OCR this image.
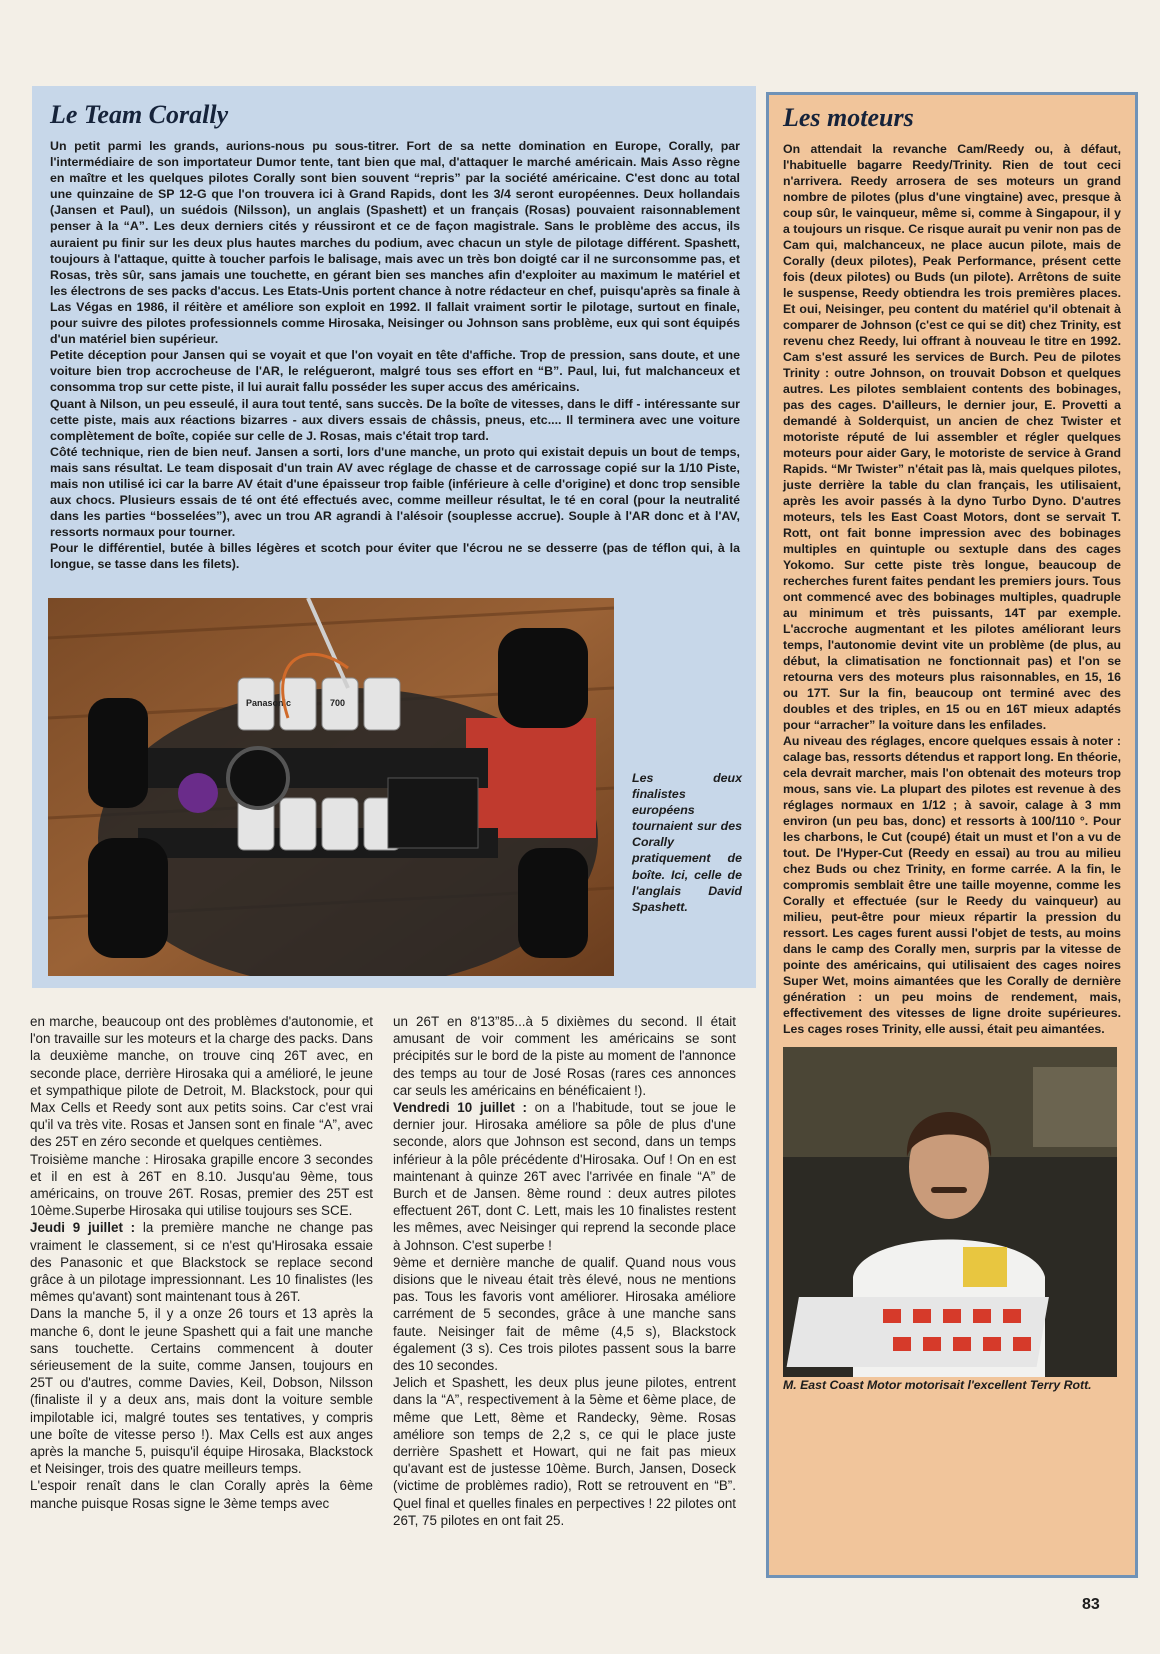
Le Team Corally

Un petit parmi les grands, aurions-nous pu sous-titrer. Fort de sa nette domination en Europe, Corally, par l'intermédiaire de son importateur Dumor tente, tant bien que mal, d'attaquer le marché américain. Mais Asso règne en maître et les quelques pilotes Corally sont bien souvent “repris” par la société américaine. C'est donc au total une quinzaine de SP 12-G que l'on trouvera ici à Grand Rapids, dont les 3/4 seront européennes. Deux hollandais (Jansen et Paul), un suédois (Nilsson), un anglais (Spashett) et un français (Rosas) pouvaient raisonnablement penser à la “A”. Les deux derniers cités y réussiront et ce de façon magistrale. Sans le problème des accus, ils auraient pu finir sur les deux plus hautes marches du podium, avec chacun un style de pilotage différent. Spashett, toujours à l'attaque, quitte à toucher parfois le balisage, mais avec un très bon doigté car il ne surconsomme pas, et Rosas, très sûr, sans jamais une touchette, en gérant bien ses manches afin d'exploiter au maximum le matériel et les électrons de ses packs d'accus. Les Etats-Unis portent chance à notre rédacteur en chef, puisqu'après sa finale à Las Végas en 1986, il réitère et améliore son exploit en 1992. Il fallait vraiment sortir le pilotage, surtout en finale, pour suivre des pilotes professionnels comme Hirosaka, Neisinger ou Johnson sans problème, eux qui sont équipés d'un matériel bien supérieur.

Petite déception pour Jansen qui se voyait et que l'on voyait en tête d'affiche. Trop de pression, sans doute, et une voiture bien trop accrocheuse de l'AR, le relégueront, malgré tous ses effort en “B”. Paul, lui, fut malchanceux et consomma trop sur cette piste, il lui aurait fallu posséder les super accus des américains.

Quant à Nilson, un peu esseulé, il aura tout tenté, sans succès. De la boîte de vitesses, dans le diff - intéressante sur cette piste, mais aux réactions bizarres - aux divers essais de châssis, pneus, etc.... Il terminera avec une voiture complètement de boîte, copiée sur celle de J. Rosas, mais c'était trop tard.

Côté technique, rien de bien neuf. Jansen a sorti, lors d'une manche, un proto qui existait depuis un bout de temps, mais sans résultat. Le team disposait d'un train AV avec réglage de chasse et de carrossage copié sur la 1/10 Piste, mais non utilisé ici car la barre AV était d'une épaisseur trop faible (inférieure à celle d'origine) et donc trop sensible aux chocs. Plusieurs essais de té ont été effectués avec, comme meilleur résultat, le té en coral (pour la neutralité dans les parties “bosselées”), avec un trou AR agrandi à l'alésoir (souplesse accrue). Souple à l'AR donc et à l'AV, ressorts normaux pour tourner.

Pour le différentiel, butée à billes légères et scotch pour éviter que l'écrou ne se desserre (pas de téflon qui, à la longue, se tasse dans les filets).

Panasonic	700

Les deux finalistes européens tournaient sur des Corally pratiquement de boîte. Ici, celle de l'anglais David Spashett.

Les moteurs

On attendait la revanche Cam/Reedy ou, à défaut, l'habituelle bagarre Reedy/Trinity. Rien de tout ceci n'arrivera. Reedy arrosera de ses moteurs un grand nombre de pilotes (plus d'une vingtaine) avec, presque à coup sûr, le vainqueur, même si, comme à Singapour, il y a toujours un risque. Ce risque aurait pu venir non pas de Cam qui, malchanceux, ne place aucun pilote, mais de Corally (deux pilotes), Peak Performance, présent cette fois (deux pilotes) ou Buds (un pilote). Arrêtons de suite le suspense, Reedy obtiendra les trois premières places. Et oui, Neisinger, peu content du matériel qu'il obtenait à comparer de Johnson (c'est ce qui se dit) chez Trinity, est revenu chez Reedy, lui offrant à nouveau le titre en 1992. Cam s'est assuré les services de Burch. Peu de pilotes Trinity : outre Johnson, on trouvait Dobson et quelques autres. Les pilotes semblaient contents des bobinages, pas des cages. D'ailleurs, le dernier jour, E. Provetti a demandé à Solderquist, un ancien de chez Twister et motoriste réputé de lui assembler et régler quelques moteurs pour aider Gary, le motoriste de service à Grand Rapids. “Mr Twister” n'était pas là, mais quelques pilotes, juste derrière la table du clan français, les utilisaient, après les avoir passés à la dyno Turbo Dyno. D'autres moteurs, tels les East Coast Motors, dont se servait T. Rott, ont fait bonne impression avec des bobinages multiples en quintuple ou sextuple dans des cages Yokomo. Sur cette piste très longue, beaucoup de recherches furent faites pendant les premiers jours. Tous ont commencé avec des bobinages multiples, quadruple au minimum et très puissants, 14T par exemple. L'accroche augmentant et les pilotes améliorant leurs temps, l'autonomie devint vite un problème (de plus, au début, la climatisation ne fonctionnait pas) et l'on se retourna vers des moteurs plus raisonnables, en 15, 16 ou 17T. Sur la fin, beaucoup ont terminé avec des doubles et des triples, en 15 ou en 16T mieux adaptés pour “arracher” la voiture dans les enfilades.

Au niveau des réglages, encore quelques essais à noter : calage bas, ressorts détendus et rapport long. En théorie, cela devrait marcher, mais l'on obtenait des moteurs trop mous, sans vie. La plupart des pilotes est revenue à des réglages normaux en 1/12 ; à savoir, calage à 3 mm environ (un peu bas, donc) et ressorts à 100/110 °. Pour les charbons, le Cut (coupé) était un must et l'on a vu de tout. De l'Hyper-Cut (Reedy en essai) au trou au milieu chez Buds ou chez Trinity, en forme carrée. A la fin, le compromis semblait être une taille moyenne, comme les Corally et effectuée (sur le Reedy du vainqueur) au milieu, peut-être pour mieux répartir la pression du ressort. Les cages furent aussi l'objet de tests, au moins dans le camp des Corally men, surpris par la vitesse de pointe des américains, qui utilisaient des cages noires Super Wet, moins aimantées que les Corally de dernière génération : un peu moins de rendement, mais, effectivement des vitesses de ligne droite supérieures. Les cages roses Trinity, elle aussi, était peu aimantées.

M. East Coast Motor motorisait l'excellent Terry Rott.

en marche, beaucoup ont des problèmes d'autonomie, et l'on travaille sur les moteurs et la charge des packs. Dans la deuxième manche, on trouve cinq 26T avec, en seconde place, derrière Hirosaka qui a amélioré, le jeune et sympathique pilote de Detroit, M. Blackstock, pour qui Max Cells et Reedy sont aux petits soins. Car c'est vrai qu'il va très vite. Rosas et Jansen sont en finale “A”, avec des 25T en zéro seconde et quelques centièmes.

Troisième manche : Hirosaka grapille encore 3 secondes et il en est à 26T en 8.10. Jusqu'au 9ème, tous américains, on trouve 26T. Rosas, premier des 25T est 10ème.Superbe Hirosaka qui utilise toujours ses SCE.

Jeudi 9 juillet : la première manche ne change pas vraiment le classement, si ce n'est qu'Hirosaka essaie des Panasonic et que Blackstock se replace second grâce à un pilotage impressionnant. Les 10 finalistes (les mêmes qu'avant) sont maintenant tous à 26T.

Dans la manche 5, il y a onze 26 tours et 13 après la manche 6, dont le jeune Spashett qui a fait une manche sans touchette. Certains commencent à douter sérieusement de la suite, comme Jansen, toujours en 25T ou d'autres, comme Davies, Keil, Dobson, Nilsson (finaliste il y a deux ans, mais dont la voiture semble impilotable ici, malgré toutes ses tentatives, y compris une boîte de vitesse perso !). Max Cells est aux anges après la manche 5, puisqu'il équipe Hirosaka, Blackstock et Neisinger, trois des quatre meilleurs temps.

L'espoir renaît dans le clan Corally après la 6ème manche puisque Rosas signe le 3ème temps avec

un 26T en 8'13”85...à 5 dixièmes du second. Il était amusant de voir comment les américains se sont précipités sur le bord de la piste au moment de l'annonce des temps au tour de José Rosas (rares ces annonces car seuls les américains en bénéficaient !).

Vendredi 10 juillet : on a l'habitude, tout se joue le dernier jour. Hirosaka améliore sa pôle de plus d'une seconde, alors que Johnson est second, dans un temps inférieur à la pôle précédente d'Hirosaka. Ouf ! On en est maintenant à quinze 26T avec l'arrivée en finale “A” de Burch et de Jansen. 8ème round : deux autres pilotes effectuent 26T, dont C. Lett, mais les 10 finalistes restent les mêmes, avec Neisinger qui reprend la seconde place à Johnson. C'est superbe !

9ème et dernière manche de qualif. Quand nous vous disions que le niveau était très élevé, nous ne mentions pas. Tous les favoris vont améliorer. Hirosaka améliore carrément de 5 secondes, grâce à une manche sans faute. Neisinger fait de même (4,5 s), Blackstock également (3 s). Ces trois pilotes passent sous la barre des 10 secondes.

Jelich et Spashett, les deux plus jeune pilotes, entrent dans la “A”, respectivement à la 5ème et 6ème place, de même que Lett, 8ème et Randecky, 9ème. Rosas améliore son temps de 2,2 s, ce qui le place juste derrière Spashett et Howart, qui ne fait pas mieux qu'avant est de justesse 10ème. Burch, Jansen, Doseck (victime de problèmes radio), Rott se retrouvent en “B”. Quel final et quelles finales en perpectives ! 22 pilotes ont 26T, 75 pilotes en ont fait 25.

83
